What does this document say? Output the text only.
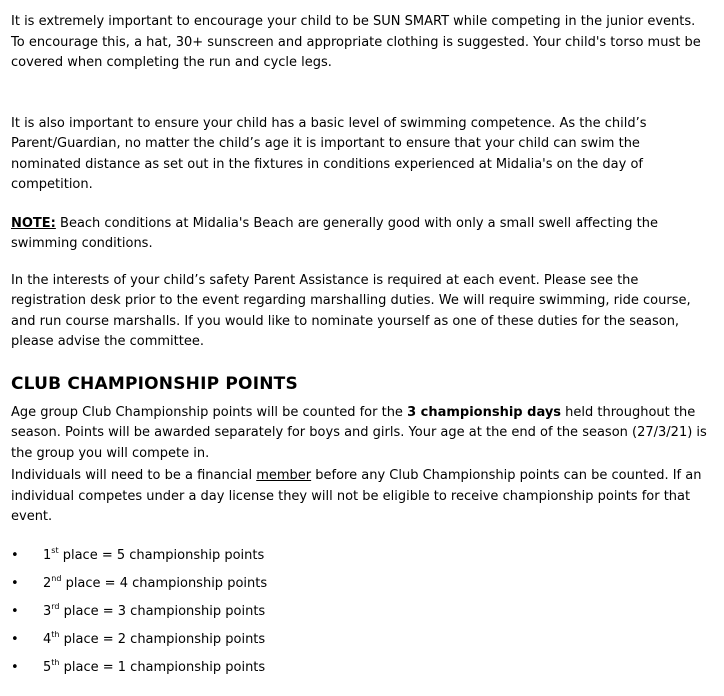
It is extremely important to encourage your child to be SUN SMART while competing in the junior events. To encourage this, a hat, 30+ sunscreen and appropriate clothing is suggested. Your child's torso must be covered when completing the run and cycle legs.

It is also important to ensure your child has a basic level of swimming competence. As the child’s Parent/Guardian, no matter the child’s age it is important to ensure that your child can swim the nominated distance as set out in the fixtures in conditions experienced at Midalia's on the day of competition.

NOTE: Beach conditions at Midalia's Beach are generally good with only a small swell affecting the swimming conditions.

In the interests of your child’s safety Parent Assistance is required at each event. Please see the registration desk prior to the event regarding marshalling duties. We will require swimming, ride course, and run course marshalls. If you would like to nominate yourself as one of these duties for the season, please advise the committee.

CLUB CHAMPIONSHIP POINTS

Age group Club Championship points will be counted for the 3 championship days held throughout the season. Points will be awarded separately for boys and girls. Your age at the end of the season (27/3/21) is the group you will compete in.

Individuals will need to be a financial member before any Club Championship points can be counted. If an individual competes under a day license they will not be eligible to receive championship points for that event.

• 1st place = 5 championship points
• 2nd place = 4 championship points
• 3rd place = 3 championship points
• 4th place = 2 championship points
• 5th place = 1 championship points
